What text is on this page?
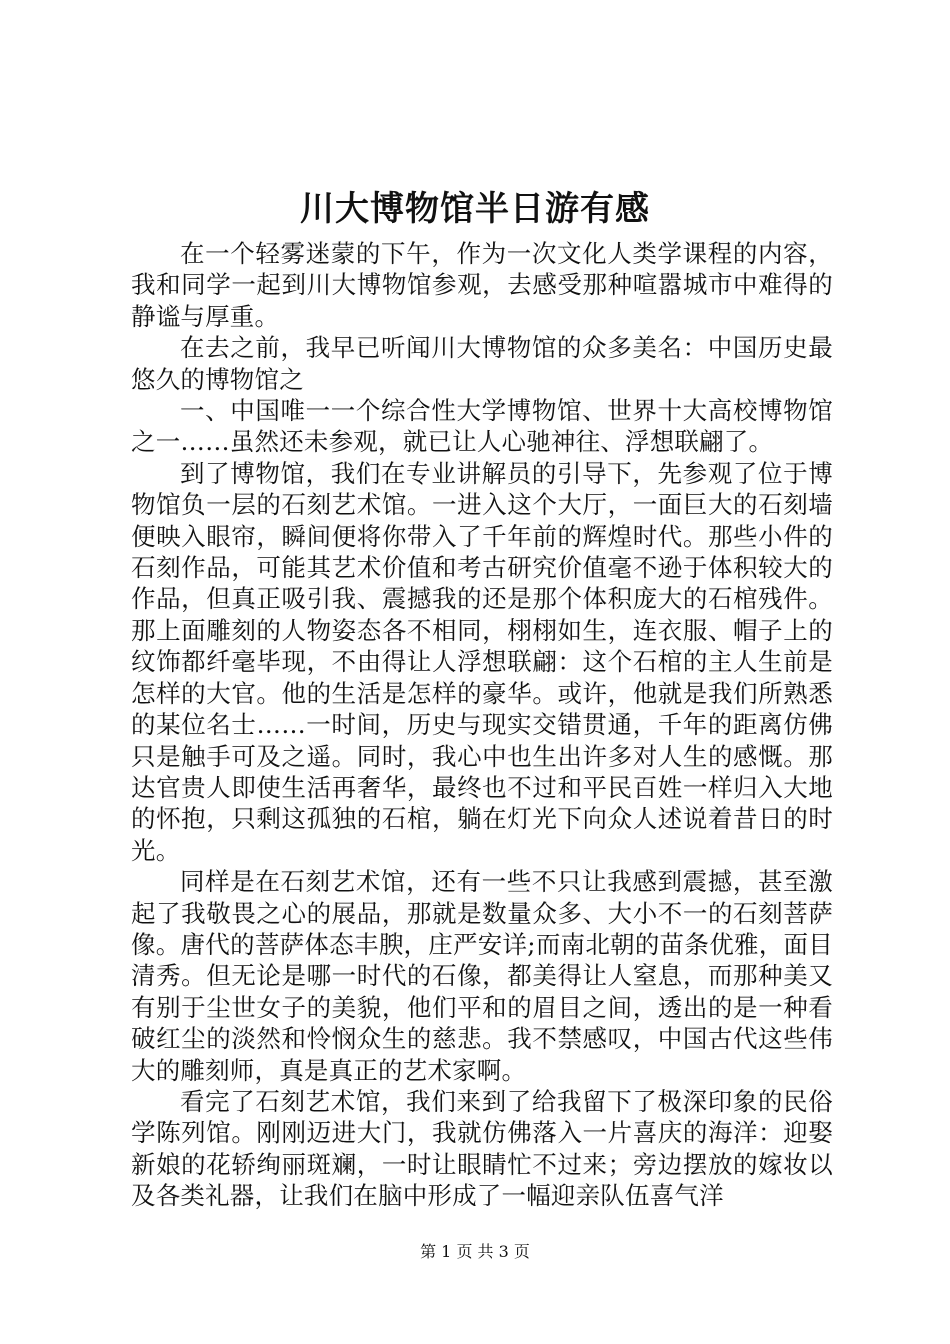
川大博物馆半日游有感

在一个轻雾迷蒙的下午，作为一次文化人类学课程的内容，我和同学一起到川大博物馆参观，去感受那种喧嚣城市中难得的静谧与厚重。

在去之前，我早已听闻川大博物馆的众多美名：中国历史最悠久的博物馆之

一、中国唯一一个综合性大学博物馆、世界十大高校博物馆之一……虽然还未参观，就已让人心驰神往、浮想联翩了。

到了博物馆，我们在专业讲解员的引导下，先参观了位于博物馆负一层的石刻艺术馆。一进入这个大厅，一面巨大的石刻墙便映入眼帘，瞬间便将你带入了千年前的辉煌时代。那些小件的石刻作品，可能其艺术价值和考古研究价值毫不逊于体积较大的作品，但真正吸引我、震撼我的还是那个体积庞大的石棺残件。那上面雕刻的人物姿态各不相同，栩栩如生，连衣服、帽子上的纹饰都纤毫毕现，不由得让人浮想联翩：这个石棺的主人生前是怎样的大官。他的生活是怎样的豪华。或许，他就是我们所熟悉的某位名士……一时间，历史与现实交错贯通，千年的距离仿佛只是触手可及之遥。同时，我心中也生出许多对人生的感慨。那达官贵人即使生活再奢华，最终也不过和平民百姓一样归入大地的怀抱，只剩这孤独的石棺，躺在灯光下向众人述说着昔日的时光。

同样是在石刻艺术馆，还有一些不只让我感到震撼，甚至激起了我敬畏之心的展品，那就是数量众多、大小不一的石刻菩萨像。唐代的菩萨体态丰腴，庄严安详;而南北朝的苗条优雅，面目清秀。但无论是哪一时代的石像，都美得让人窒息，而那种美又有别于尘世女子的美貌，他们平和的眉目之间，透出的是一种看破红尘的淡然和怜悯众生的慈悲。我不禁感叹，中国古代这些伟大的雕刻师，真是真正的艺术家啊。

看完了石刻艺术馆，我们来到了给我留下了极深印象的民俗学陈列馆。刚刚迈进大门，我就仿佛落入一片喜庆的海洋：迎娶新娘的花轿绚丽斑斓，一时让眼睛忙不过来；旁边摆放的嫁妆以及各类礼器，让我们在脑中形成了一幅迎亲队伍喜气洋

第 1 页 共 3 页
